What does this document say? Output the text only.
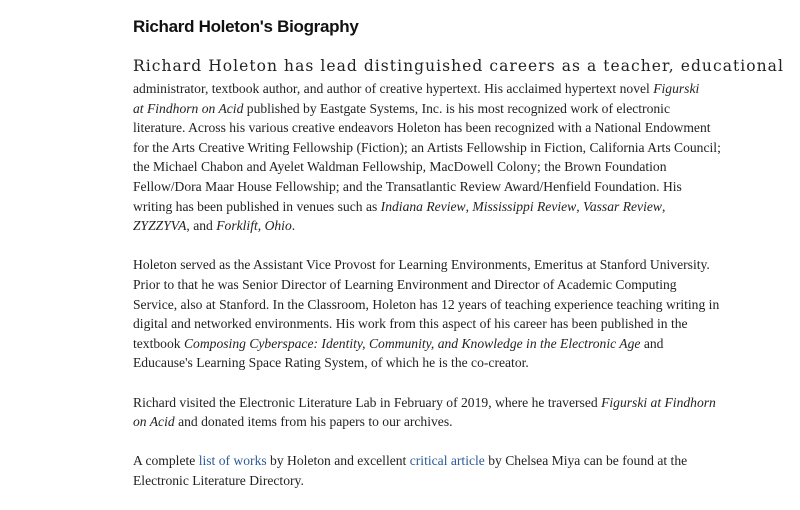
Richard Holeton's Biography
Richard Holeton has lead distinguished careers as a teacher, educational

administrator, textbook author, and author of creative hypertext. His acclaimed hypertext novel Figurski
at Findhorn on Acid published by Eastgate Systems, Inc. is his most recognized work of electronic
literature. Across his various creative endeavors Holeton has been recognized with a National Endowment
for the Arts Creative Writing Fellowship (Fiction); an Artists Fellowship in Fiction, California Arts Council;
the Michael Chabon and Ayelet Waldman Fellowship, MacDowell Colony; the Brown Foundation
Fellow/Dora Maar House Fellowship; and the Transatlantic Review Award/Henfield Foundation. His
writing has been published in venues such as Indiana Review, Mississippi Review, Vassar Review,
ZYZZYVA, and Forklift, Ohio.

Holeton served as the Assistant Vice Provost for Learning Environments, Emeritus at Stanford University.
Prior to that he was Senior Director of Learning Environment and Director of Academic Computing
Service, also at Stanford. In the Classroom, Holeton has 12 years of teaching experience teaching writing in
digital and networked environments. His work from this aspect of his career has been published in the
textbook Composing Cyberspace: Identity, Community, and Knowledge in the Electronic Age and
Educause's Learning Space Rating System, of which he is the co-creator.

Richard visited the Electronic Literature Lab in February of 2019, where he traversed Figurski at Findhorn
on Acid and donated items from his papers to our archives.

A complete list of works by Holeton and excellent critical article by Chelsea Miya can be found at the
Electronic Literature Directory.
